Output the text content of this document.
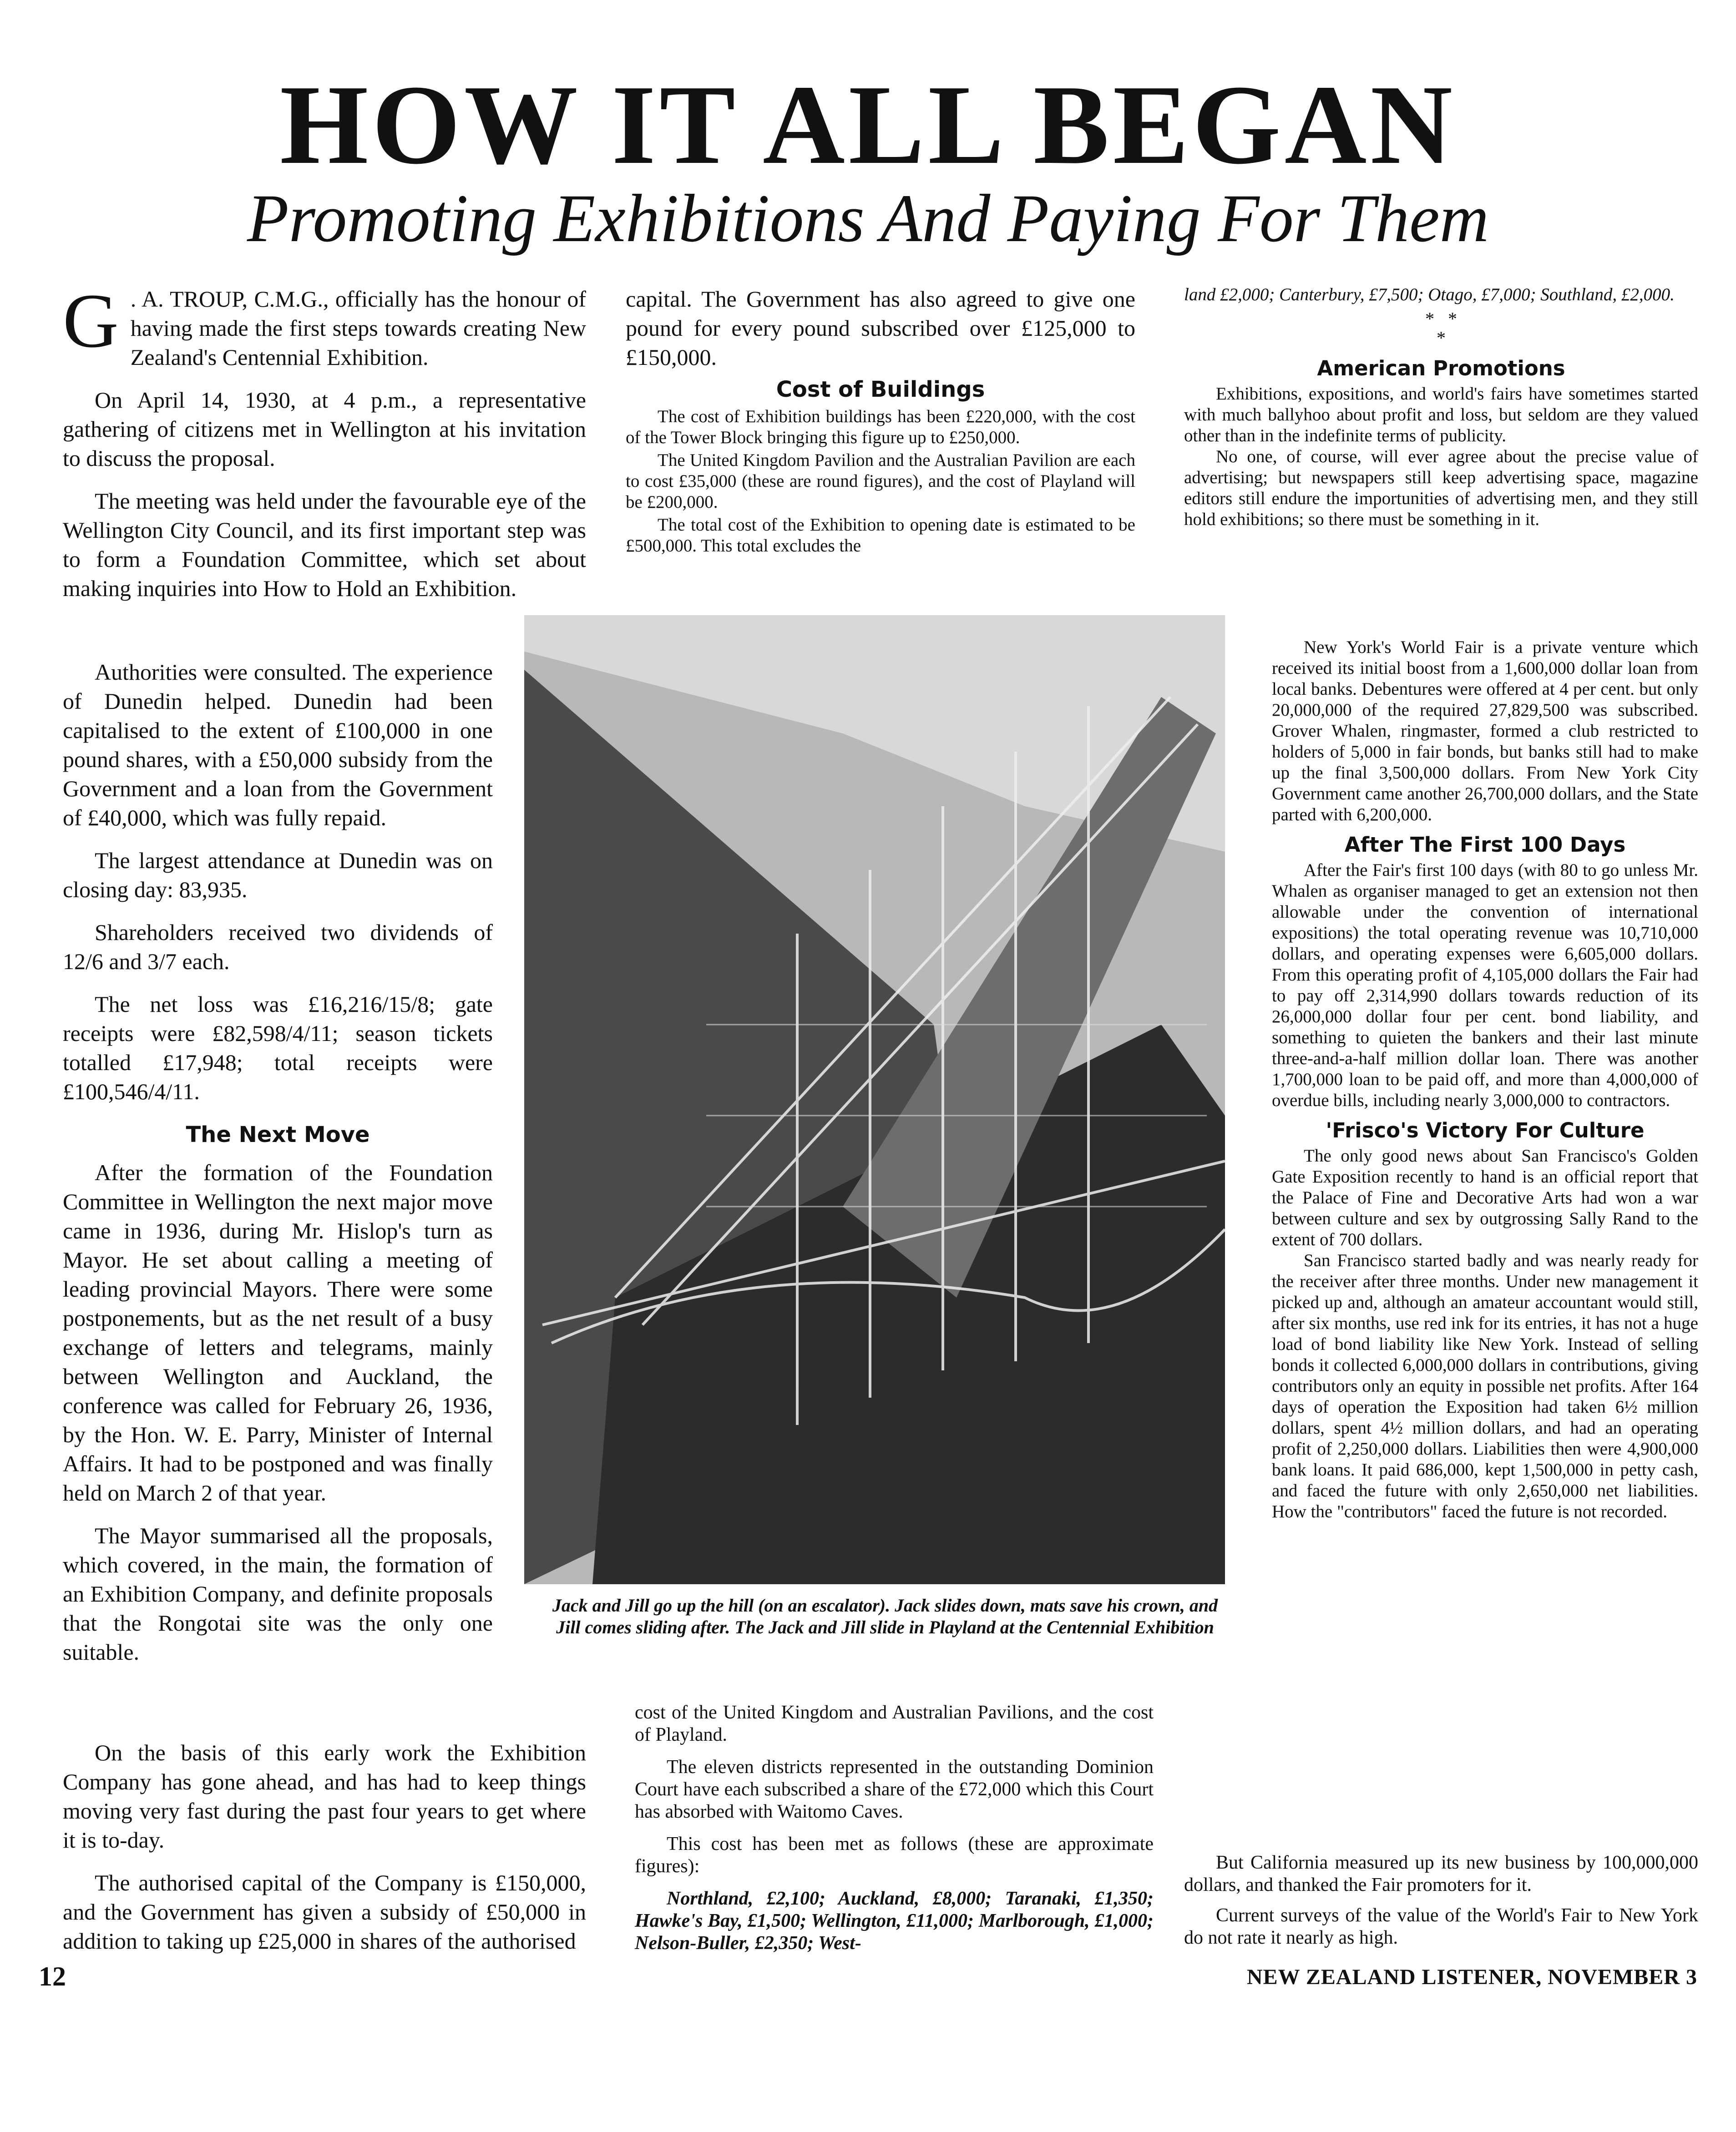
HOW IT ALL BEGAN
Promoting Exhibitions And Paying For Them

G . A. TROUP, C.M.G., officially has the honour of having made the first steps towards creating New Zealand's Centennial Exhibition.

On April 14, 1930, at 4 p.m., a representative gathering of citizens met in Wellington at his invitation to discuss the proposal.

The meeting was held under the favourable eye of the Wellington City Council, and its first important step was to form a Foundation Committee, which set about making inquiries into How to Hold an Exhibition.

Authorities were consulted. The experience of Dunedin helped. Dunedin had been capitalised to the extent of £100,000 in one pound shares, with a £50,000 subsidy from the Government and a loan from the Government of £40,000, which was fully repaid.

The largest attendance at Dunedin was on closing day: 83,935.

Shareholders received two dividends of 12/6 and 3/7 each.

The net loss was £16,216/15/8; gate receipts were £82,598/4/11; season tickets totalled £17,948; total receipts were £100,546/4/11.

The Next Move

After the formation of the Foundation Committee in Wellington the next major move came in 1936, during Mr. Hislop's turn as Mayor. He set about calling a meeting of leading provincial Mayors. There were some postponements, but as the net result of a busy exchange of letters and telegrams, mainly between Wellington and Auckland, the conference was called for February 26, 1936, by the Hon. W. E. Parry, Minister of Internal Affairs. It had to be postponed and was finally held on March 2 of that year.

The Mayor summarised all the proposals, which covered, in the main, the formation of an Exhibition Company, and definite proposals that the Rongotai site was the only one suitable.

On the basis of this early work the Exhibition Company has gone ahead, and has had to keep things moving very fast during the past four years to get where it is to-day.

The authorised capital of the Company is £150,000, and the Government has given a subsidy of £50,000 in addition to taking up £25,000 in shares of the authorised

capital. The Government has also agreed to give one pound for every pound subscribed over £125,000 to £150,000.

Cost of Buildings

The cost of Exhibition buildings has been £220,000, with the cost of the Tower Block bringing this figure up to £250,000.

The United Kingdom Pavilion and the Australian Pavilion are each to cost £35,000 (these are round figures), and the cost of Playland will be £200,000.

The total cost of the Exhibition to opening date is estimated to be £500,000. This total excludes the

Jack and Jill go up the hill (on an escalator). Jack slides down, mats save his crown, and Jill comes sliding after. The Jack and Jill slide in Playland at the Centennial Exhibition

cost of the United Kingdom and Australian Pavilions, and the cost of Playland.

The eleven districts represented in the outstanding Dominion Court have each subscribed a share of the £72,000 which this Court has absorbed with Waitomo Caves.

This cost has been met as follows (these are approximate figures):

Northland, £2,100; Auckland, £8,000; Taranaki, £1,350; Hawke's Bay, £1,500; Wellington, £11,000; Marlborough, £1,000; Nelson-Buller, £2,350; West-

land £2,000; Canterbury, £7,500; Otago, £7,000; Southland, £2,000.

*   *
*
American Promotions

Exhibitions, expositions, and world's fairs have sometimes started with much ballyhoo about profit and loss, but seldom are they valued other than in the indefinite terms of publicity.

No one, of course, will ever agree about the precise value of advertising; but newspapers still keep advertising space, magazine editors still endure the importunities of advertising men, and they still hold exhibitions; so there must be something in it.

New York's World Fair is a private venture which received its initial boost from a 1,600,000 dollar loan from local banks. Debentures were offered at 4 per cent. but only 20,000,000 of the required 27,829,500 was subscribed. Grover Whalen, ringmaster, formed a club restricted to holders of 5,000 in fair bonds, but banks still had to make up the final 3,500,000 dollars. From New York City Government came another 26,700,000 dollars, and the State parted with 6,200,000.

After The First 100 Days

After the Fair's first 100 days (with 80 to go unless Mr. Whalen as organiser managed to get an extension not then allowable under the convention of international expositions) the total operating revenue was 10,710,000 dollars, and operating expenses were 6,605,000 dollars. From this operating profit of 4,105,000 dollars the Fair had to pay off 2,314,990 dollars towards reduction of its 26,000,000 dollar four per cent. bond liability, and something to quieten the bankers and their last minute three-and-a-half million dollar loan. There was another 1,700,000 loan to be paid off, and more than 4,000,000 of overdue bills, including nearly 3,000,000 to contractors.

'Frisco's Victory For Culture

The only good news about San Francisco's Golden Gate Exposition recently to hand is an official report that the Palace of Fine and Decorative Arts had won a war between culture and sex by outgrossing Sally Rand to the extent of 700 dollars.

San Francisco started badly and was nearly ready for the receiver after three months. Under new management it picked up and, although an amateur accountant would still, after six months, use red ink for its entries, it has not a huge load of bond liability like New York. Instead of selling bonds it collected 6,000,000 dollars in contributions, giving contributors only an equity in possible net profits. After 164 days of operation the Exposition had taken 6½ million dollars, spent 4½ million dollars, and had an operating profit of 2,250,000 dollars. Liabilities then were 4,900,000 bank loans. It paid 686,000, kept 1,500,000 in petty cash, and faced the future with only 2,650,000 net liabilities. How the "contributors" faced the future is not recorded.

But California measured up its new business by 100,000,000 dollars, and thanked the Fair promoters for it.

Current surveys of the value of the World's Fair to New York do not rate it nearly as high.

12	NEW ZEALAND LISTENER, NOVEMBER 3
